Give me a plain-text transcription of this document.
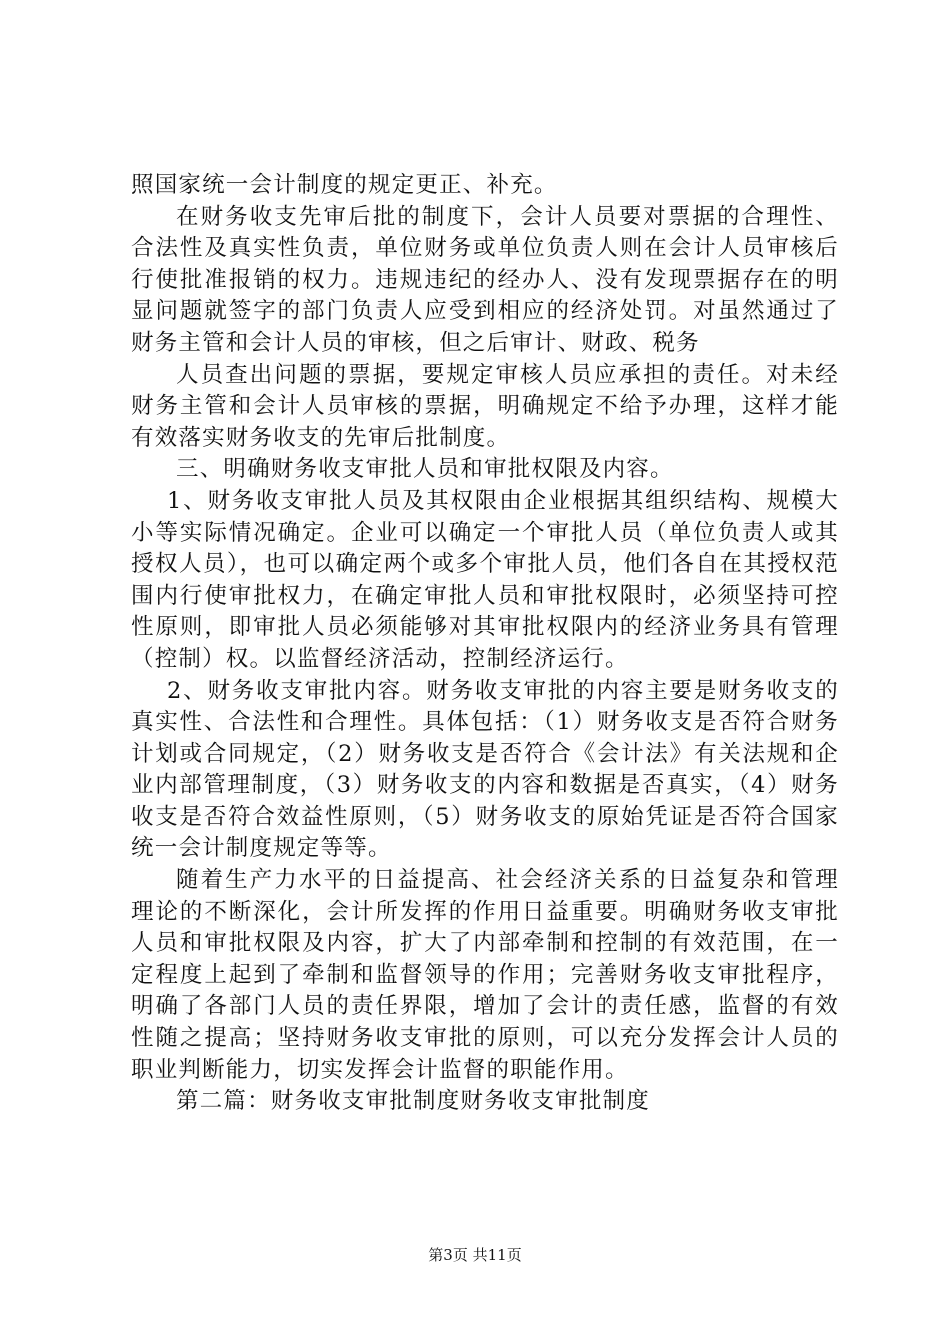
照国家统一会计制度的规定更正、补充。

在财务收支先审后批的制度下，会计人员要对票据的合理性、合法性及真实性负责，单位财务或单位负责人则在会计人员审核后行使批准报销的权力。违规违纪的经办人、没有发现票据存在的明显问题就签字的部门负责人应受到相应的经济处罚。对虽然通过了财务主管和会计人员的审核，但之后审计、财政、税务

人员查出问题的票据，要规定审核人员应承担的责任。对未经财务主管和会计人员审核的票据，明确规定不给予办理，这样才能有效落实财务收支的先审后批制度。

三、明确财务收支审批人员和审批权限及内容。

1、财务收支审批人员及其权限由企业根据其组织结构、规模大小等实际情况确定。企业可以确定一个审批人员（单位负责人或其授权人员），也可以确定两个或多个审批人员，他们各自在其授权范围内行使审批权力，在确定审批人员和审批权限时，必须坚持可控性原则，即审批人员必须能够对其审批权限内的经济业务具有管理（控制）权。以监督经济活动，控制经济运行。

2、财务收支审批内容。财务收支审批的内容主要是财务收支的真实性、合法性和合理性。具体包括：（1）财务收支是否符合财务计划或合同规定，（2）财务收支是否符合《会计法》有关法规和企业内部管理制度，（3）财务收支的内容和数据是否真实，（4）财务收支是否符合效益性原则，（5）财务收支的原始凭证是否符合国家统一会计制度规定等等。

随着生产力水平的日益提高、社会经济关系的日益复杂和管理理论的不断深化，会计所发挥的作用日益重要。明确财务收支审批人员和审批权限及内容，扩大了内部牵制和控制的有效范围，在一定程度上起到了牵制和监督领导的作用；完善财务收支审批程序，明确了各部门人员的责任界限，增加了会计的责任感，监督的有效性随之提高；坚持财务收支审批的原则，可以充分发挥会计人员的职业判断能力，切实发挥会计监督的职能作用。

第二篇：财务收支审批制度财务收支审批制度

第3页 共11页
